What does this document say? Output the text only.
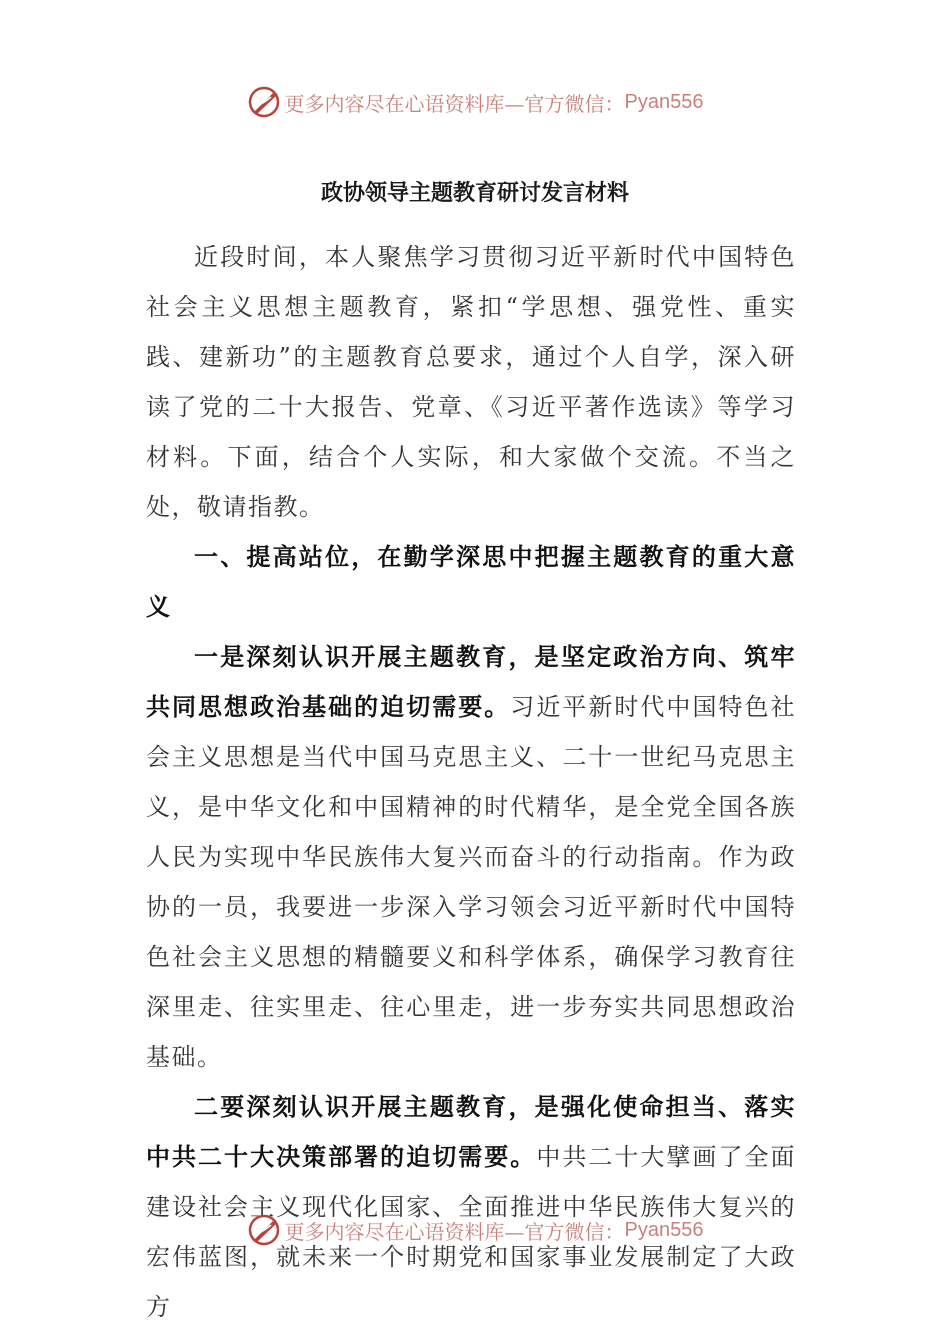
更多内容尽在心语资料库—官方微信： Pyan556
政协领导主题教育研讨发言材料

近段时间，本人聚焦学习贯彻习近平新时代中国特色社会主义思想主题教育，紧扣“学思想、强党性、重实践、建新功”的主题教育总要求，通过个人自学，深入研读了党的二十大报告、党章、《习近平著作选读》等学习材料。下面，结合个人实际，和大家做个交流。不当之处，敬请指教。

一、提高站位，在勤学深思中把握主题教育的重大意义

一是深刻认识开展主题教育，是坚定政治方向、筑牢共同思想政治基础的迫切需要。习近平新时代中国特色社会主义思想是当代中国马克思主义、二十一世纪马克思主义，是中华文化和中国精神的时代精华，是全党全国各族人民为实现中华民族伟大复兴而奋斗的行动指南。作为政协的一员，我要进一步深入学习领会习近平新时代中国特色社会主义思想的精髓要义和科学体系，确保学习教育往深里走、往实里走、往心里走，进一步夯实共同思想政治基础。

二要深刻认识开展主题教育，是强化使命担当、落实中共二十大决策部署的迫切需要。中共二十大擘画了全面建设社会主义现代化国家、全面推进中华民族伟大复兴的宏伟蓝图，就未来一个时期党和国家事业发展制定了大政方

更多内容尽在心语资料库—官方微信： Pyan556
